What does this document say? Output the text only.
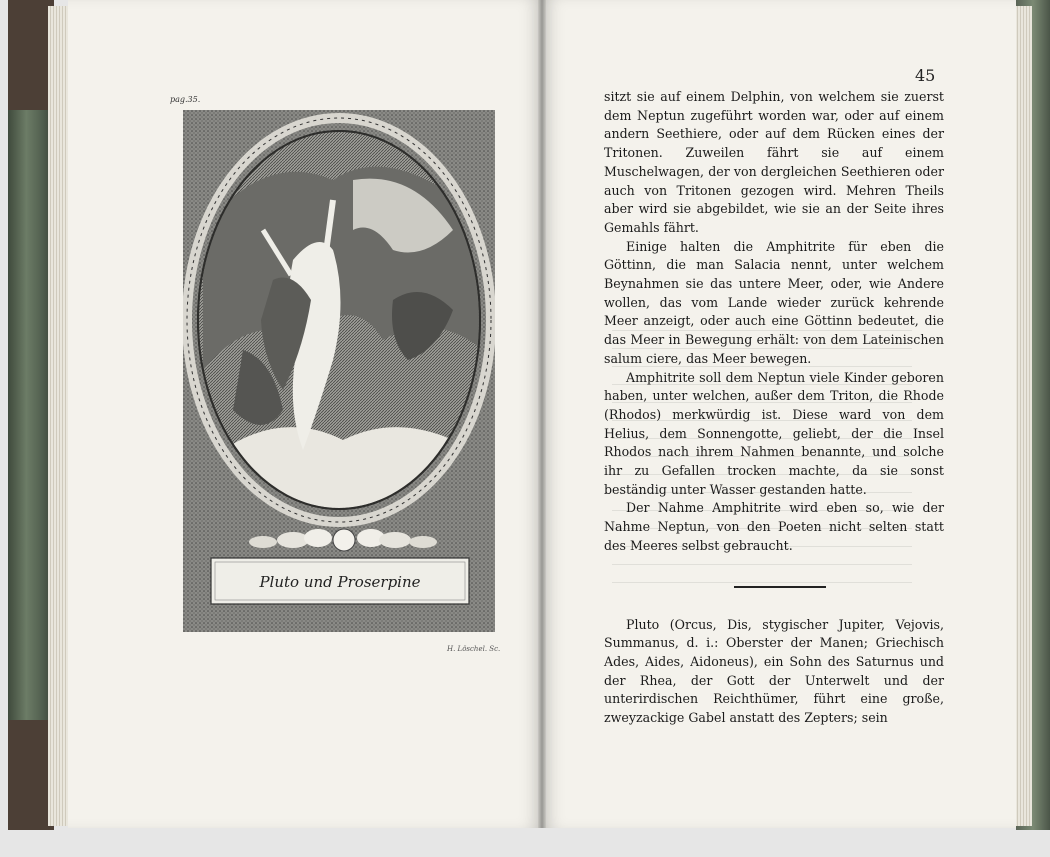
pag.35.
Pluto und Proserpine
H. Löschel. Sc.
45

sitzt sie auf einem Delphin, von welchem sie zuerst dem Neptun zugeführt worden war, oder auf einem andern Seethiere, oder auf dem Rücken eines der Tritonen. Zuweilen fährt sie auf einem Muschelwagen, der von dergleichen Seethieren oder auch von Tritonen gezogen wird. Mehren Theils aber wird sie abgebildet, wie sie an der Seite ihres Gemahls fährt.

Einige halten die Amphitrite für eben die Göttinn, die man Salacia nennt, unter welchem Beynahmen sie das untere Meer, oder, wie Andere wollen, das vom Lande wieder zurück kehrende Meer anzeigt, oder auch eine Göttinn bedeutet, die das Meer in Bewegung erhält: von dem Lateinischen salum ciere, das Meer bewegen.

Amphitrite soll dem Neptun viele Kinder geboren haben, unter welchen, außer dem Triton, die Rhode (Rhodos) merkwürdig ist. Diese ward von dem Helius, dem Sonnengotte, geliebt, der die Insel Rhodos nach ihrem Nahmen benannte, und solche ihr zu Gefallen trocken machte, da sie sonst beständig unter Wasser gestanden hatte.

Der Nahme Amphitrite wird eben so, wie der Nahme Neptun, von den Poeten nicht selten statt des Meeres selbst gebraucht.

Pluto (Orcus, Dis, stygischer Jupiter, Vejovis, Summanus, d. i.: Oberster der Manen; Griechisch Ades, Aides, Aidoneus), ein Sohn des Saturnus und der Rhea, der Gott der Unterwelt und der unterirdischen Reichthümer, führt eine große, zweyzackige Gabel anstatt des Zepters; sein
